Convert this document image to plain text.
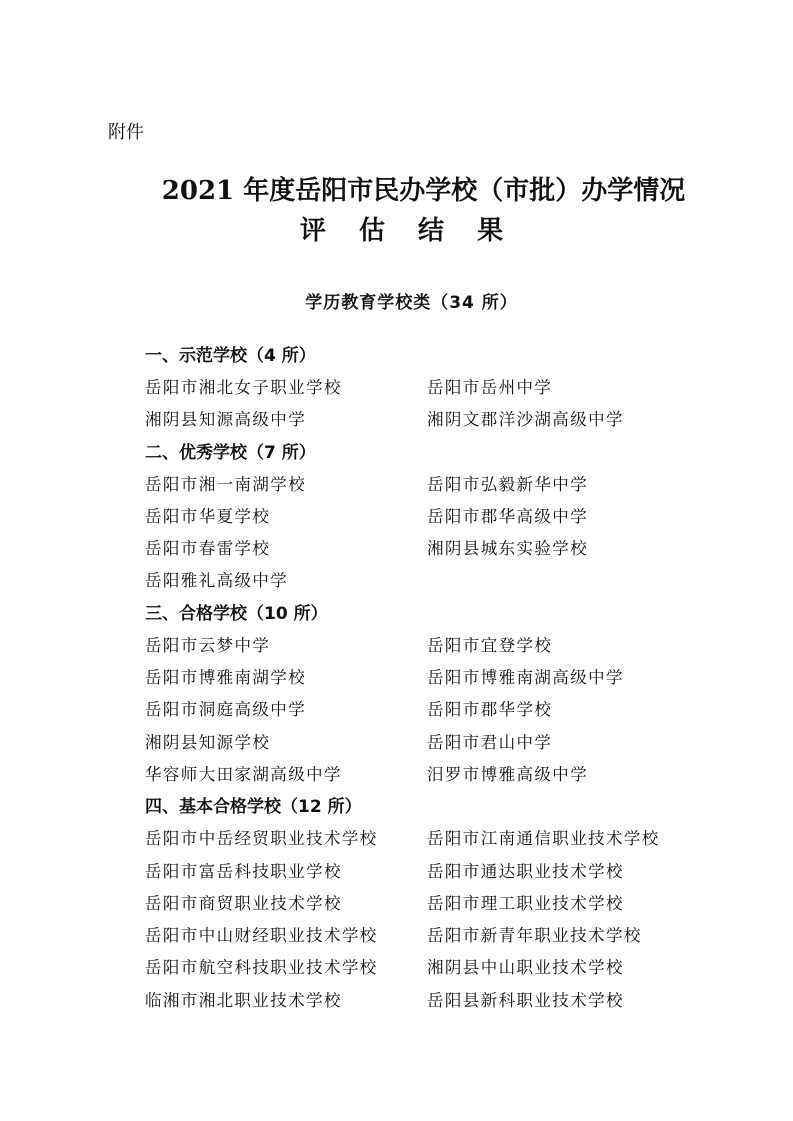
附件
2021 年度岳阳市民办学校（市批）办学情况
评 估 结 果
学历教育学校类（34 所）
一、示范学校（4 所）
岳阳市湘北女子职业学校	岳阳市岳州中学
湘阴县知源高级中学	湘阴文郡洋沙湖高级中学
二、优秀学校（7 所）
岳阳市湘一南湖学校	岳阳市弘毅新华中学
岳阳市华夏学校	岳阳市郡华高级中学
岳阳市春雷学校	湘阴县城东实验学校
岳阳雅礼高级中学
三、合格学校（10 所）
岳阳市云梦中学	岳阳市宜登学校
岳阳市博雅南湖学校	岳阳市博雅南湖高级中学
岳阳市洞庭高级中学	岳阳市郡华学校
湘阴县知源学校	岳阳市君山中学
华容师大田家湖高级中学	汨罗市博雅高级中学
四、基本合格学校（12 所）
岳阳市中岳经贸职业技术学校	岳阳市江南通信职业技术学校
岳阳市富岳科技职业学校	岳阳市通达职业技术学校
岳阳市商贸职业技术学校	岳阳市理工职业技术学校
岳阳市中山财经职业技术学校	岳阳市新青年职业技术学校
岳阳市航空科技职业技术学校	湘阴县中山职业技术学校
临湘市湘北职业技术学校	岳阳县新科职业技术学校
